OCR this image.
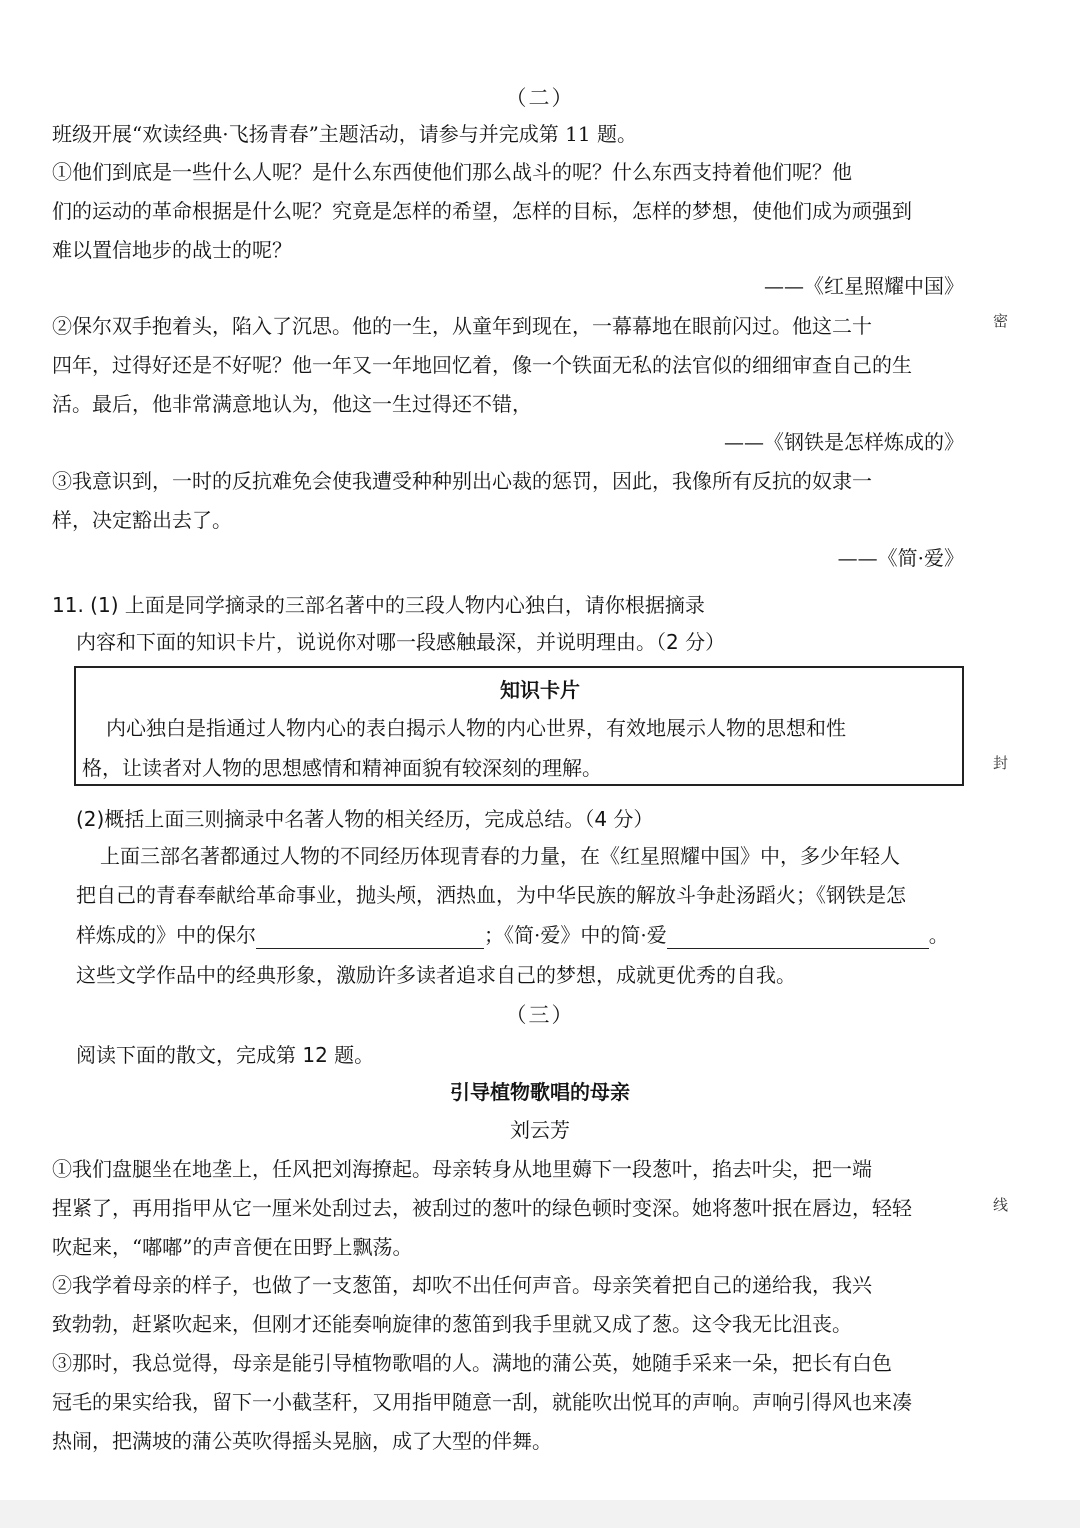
（二）
班级开展“欢读经典·飞扬青春”主题活动，请参与并完成第 11 题。
①他们到底是一些什么人呢？是什么东西使他们那么战斗的呢？什么东西支持着他们呢？他
们的运动的革命根据是什么呢？究竟是怎样的希望，怎样的目标，怎样的梦想，使他们成为顽强到
难以置信地步的战士的呢？
——《红星照耀中国》
②保尔双手抱着头，陷入了沉思。他的一生，从童年到现在，一幕幕地在眼前闪过。他这二十
四年，过得好还是不好呢？他一年又一年地回忆着，像一个铁面无私的法官似的细细审查自己的生
活。最后，他非常满意地认为，他这一生过得还不错，
——《钢铁是怎样炼成的》
③我意识到，一时的反抗难免会使我遭受种种别出心裁的惩罚，因此，我像所有反抗的奴隶一
样，决定豁出去了。
——《简·爱》
11. (1) 上面是同学摘录的三部名著中的三段人物内心独白，请你根据摘录
内容和下面的知识卡片，说说你对哪一段感触最深，并说明理由。（2 分）
知识卡片
内心独白是指通过人物内心的表白揭示人物的内心世界，有效地展示人物的思想和性
格，让读者对人物的思想感情和精神面貌有较深刻的理解。
(2)概括上面三则摘录中名著人物的相关经历，完成总结。（4 分）
上面三部名著都通过人物的不同经历体现青春的力量，在《红星照耀中国》中，多少年轻人
把自己的青春奉献给革命事业，抛头颅，洒热血，为中华民族的解放斗争赴汤蹈火；《钢铁是怎
样炼成的》中的保尔	；《简·爱》中的简·爱	。
这些文学作品中的经典形象，激励许多读者追求自己的梦想，成就更优秀的自我。
（三）
阅读下面的散文，完成第 12 题。
引导植物歌唱的母亲
刘云芳
①我们盘腿坐在地垄上，任风把刘海撩起。母亲转身从地里薅下一段葱叶，掐去叶尖，把一端
捏紧了，再用指甲从它一厘米处刮过去，被刮过的葱叶的绿色顿时变深。她将葱叶抿在唇边，轻轻
吹起来，“嘟嘟”的声音便在田野上飘荡。
②我学着母亲的样子，也做了一支葱笛，却吹不出任何声音。母亲笑着把自己的递给我，我兴
致勃勃，赶紧吹起来，但刚才还能奏响旋律的葱笛到我手里就又成了葱。这令我无比沮丧。
③那时，我总觉得，母亲是能引导植物歌唱的人。满地的蒲公英，她随手采来一朵，把长有白色
冠毛的果实给我，留下一小截茎秆，又用指甲随意一刮，就能吹出悦耳的声响。声响引得风也来凑
热闹，把满坡的蒲公英吹得摇头晃脑，成了大型的伴舞。
密
封
线
